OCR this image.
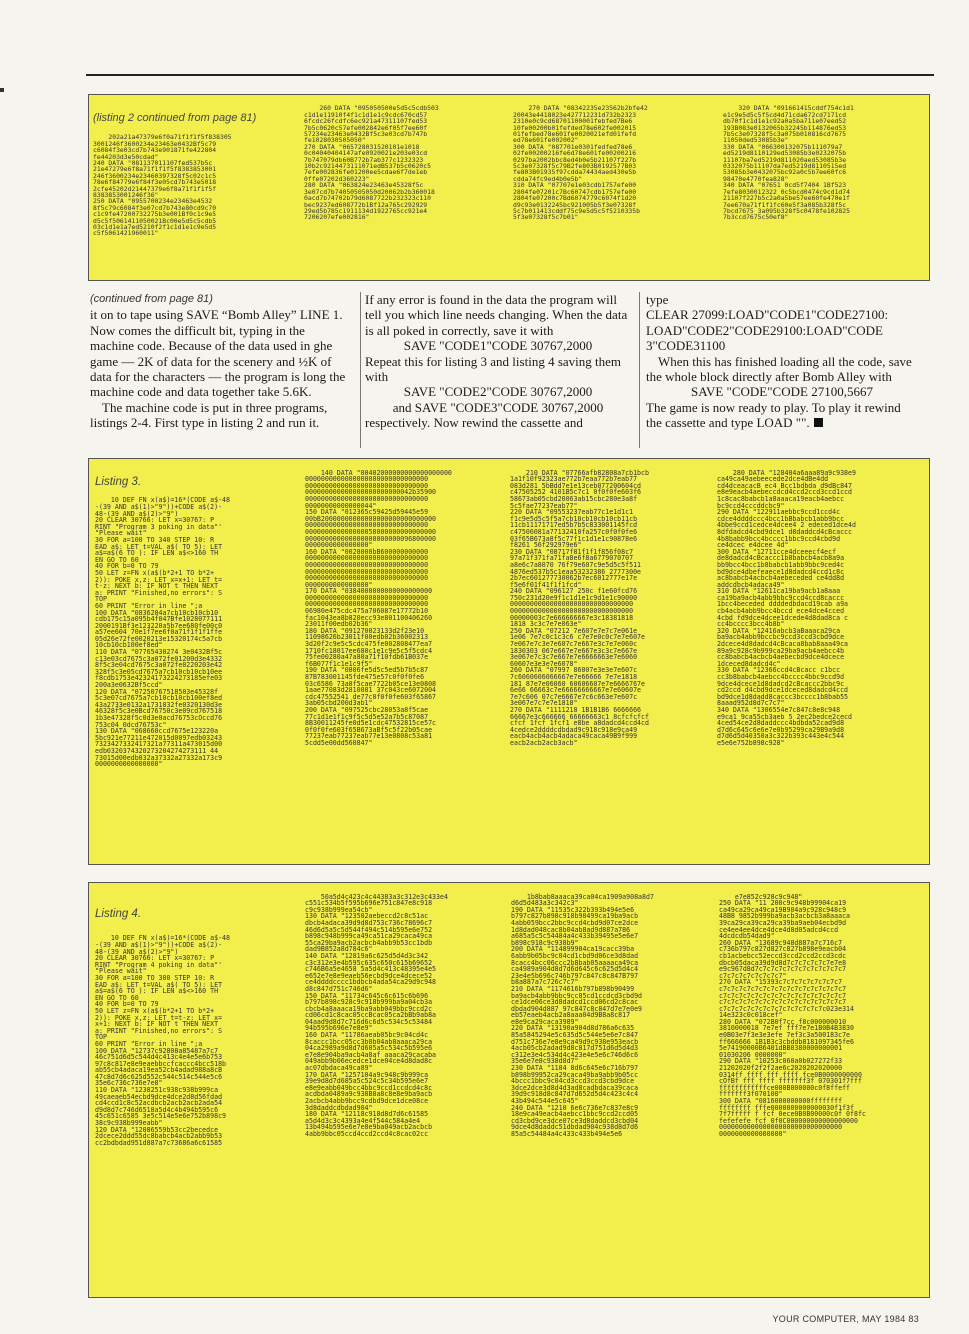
(listing 2 continued from page 81)

202a21a47379e6f0a71f1f1f5f838305
3001246f3600234e23463e0432Bf5c79
c6084f3e03cd7b743e901871fe422804
fe44203d3e50cdad"
240 DATA "081137011107fed537b5c
21e47279e6f8a71f1f1f5f8383853001
246f3600234e23460397328f5c02c1c5
78e6f84779e6f84f3e05cd7b743e5018
2cfe45202d21447379e6f8a71f1f1f5f
8383853001246f36"
250 DATA "0955700234e23463e4532
8f5c79c6084f3e07cd7b743e80cd9c70
c1c9fe47200732275b3e001Bf0c1c9e5
d5c5f5061411050021Bc00e5d5c5cdb5
03c1d1e1a7ed5210f2f1c1d1e1c9e5d5
c5f5061421960011"

260 DATA "095050500e5d5c5cdb503
c1d1e11910f4f1c1d1e1c9cdc670cd57
6fcdc26fcdfc6ec921a47311107fed53
7b5c0620c57efe002842e6f05f7ee60f
57234e23463e0432Bf5c3e03cd7b747b
fe1028030505050"
270 DATA "065728031520101e1018
0c04040404147afe0920021e203e03cd
7b747079db60B772b7ab377c1232323
10b2c9214473111071edB537b5c0620c5
7efe002836fe01200ee5cdae6f7de1eb
0ffe07202d360223"
280 DATA "063824e23463e45328f5c
3e07cd7b74050505050d20062b2b360018
0acd7b74702b79d6087722b232323c110
bec9237ed608772b1Bf12a765c292929
29ed5b785c1911134d1922765cc921e4
7206207efe002816"

270 DATA "08342235e23562b2bfe42
20043e4418023e427712231d732b2323
2310e0c9cd68701100001febfed7Be6
10fe00200b01fefded78e602fe002015
01fefbed78e601fe0020021efd01fefd
ed78e601fe002002"
300 DATA "087701e0301fedfed78e6
02fe00200216fe6d78e601fe00200216
0297ba2002bbc8ed4b0e5b21107f227b
5c3e07328f5c79B2fe803B0192577B03
fe803B01935f97cdda74434aed430e5b
cdda74fc9ed4b0e5b"
310 DATA "07707e1e03cdb1757efe00
2804fe07201c7Bc60747cdb1757efe00
2804fe07200c7Bd6074779c6074f1d20
d9c93e0132245bc921005b5f3e07328f
5c7b011413cddf75c9e5d5c5f5210335b
5f3e07328f5c7b01"

320 DATA "091661415cddf754c1d1
e1c9e5d5c5f5cd4d71cda672cd7171cd
db70f1c1d1e1c92a0a5ba711e07eed52
193B083e0132065b32245b114876ed53
7b5c3e07328f5c3a075b010816cd7675
11050ded53085b3e"
330 DATA "066300132075b111079a7
ed5219d8110129ed53085b3e0232075b
11107ba7ed5219d811020aed53085b3e
0332075b11107da7ed5219d8110515ed
53085b3e0432075bc92a0c5b7ee60fc6
98470e4770fea828"
340 DATA "07651 0cd5f7404 1Bf523
7efe8030012322 0c5bcd0474c9cd1d74
21107f227b5c2a0a5be57ee60fe470e1f
7ee670a71f1f1fc60e5f3a085b328f5c
7bcd7675 3a095b328f5c0478fe102825
7b3ccd7675c50ef8"

(continued from page 81)

it on to tape using SAVE “Bomb Alley” LINE 1. Now comes the difficult bit, typing in the machine code. Because of the data used in ghe game — 2K of data for the scenery and ½K of data for the characters — the program is long the machine code and data together take 5.6K.

The machine code is put in three programs, listings 2-4. First type in listing 2 and run it.

If any error is found in the data the program will tell you which line needs changing. When the data is all poked in correctly, save it with

SAVE "CODE1"CODE 30767,2000

Repeat this for listing 3 and listing 4 saving them with

SAVE "CODE2"CODE 30767,2000

and SAVE "CODE3"CODE 30767,2000

respectively. Now rewind the cassette and

type

CLEAR 27099:LOAD"CODE1"CODE27100: LOAD"CODE2"CODE29100:LOAD"CODE 3"CODE31100

When this has finished loading all the code, save the whole block directly after Bomb Alley with

SAVE "CODE"CODE 27100,5667

The game is now ready to play. To play it rewind the cassette and type LOAD "".

Listing 3.

10 DEF FN x(a$)=16*(CODE a$-48
-(39 AND a$(1)>"9"))+CODE a$(2)-
48-(39 AND a$(2)>"9")
20 CLEAR 30766: LET x=30767: P
RINT "Program 3 poking in data"'
"Please wait"
30 FOR a=100 TO 340 STEP 10: R
EAD a$: LET t=VAL a$( TO 5): LET
a$=a$(6 TO ): IF LEN a$<>160 TH
EN GO TO 60
40 FOR b=0 TO 79
50 LET z=FN x(a$(b*2+1 TO b*2+
2)): POKE x,z: LET x=x+1: LET t=
t-z: NEXT b: IF NOT t THEN NEXT
a: PRINT "Finished,no errors": S
TOP
60 PRINT "Error in line ";a
100 DATA "0836204a7cb10cb10cb10
cdb175c15a095b4f047Bfe1028077111
2000191Bf3e123220a5b7ee680fe00c0
a57ee604 70e1f7ee6f0a71f1f1f1ffe
05d26e72fe0020213e15320174c5a7cb
10cb10cb100ef8ed"
110 DATA "07765430274 3e0432Bf5c
c13e03cd7675c3a072fe01200d3e4332
8f5c3e04cd7675c3a072fe0220203e42
328f5c3e05cd7675a7cb10cb10cb10ee
f8cdb1753e42324173224273185efe03
200a3e0632Bf5ccd"
120 DATA "07250767518503e45328f
5c3e07cd7675a7cb10cb10cb100ef8ed
43a2733e0132a1731832fe0320130d3e
46328f5c3e0Bcd76750c3e09cd767518
1b3e47328f5c0d3e0acd76753cOccd76
753c04 0dcd76753c"
130 DATA "068660ccd7675e123220a
5bc921e77211e472015d0097edb03243
7323427332417321a77311a473015d00
edb0320374320273204274273111 44
73015d00edb032a37332a27332a173c9
0000000000000000"

140 DATA "00402000000000000000000
0000000000000000000000000000000
0000000000000000000000000000000
000000000000000000000000042b35900
0000000000000000000000000000000
00000000000000044"
150 DATA "012365c59425d59445e59
00bB20000000000000000000000000000
0000000000000000000000000000000
000000000000000058000000000000000
000000000000000000000000096800000
0000000000000000"
160 DATA "0028000bB600000000000
0000000000000000000000000000000
0000000000000000000000000000000
0000000000000000000000000000000
0000000000000000000000000000000
0000000000000000"
170 DATA "0384000000000000000000
0000000000000000000000000000000
0000000000000000000000000000000
06980e475cdc475a706087e17772b10
fac1043ea8b820ecc93e801100406260
23011f00edb02b36"
180 DATA "091270023133d2f23e10
11098626b23011f00edb02b36002313
3d20f2c9e5c5cdc475fe002808477ea7
1710fc18017ee680c1e1c9e5c5f5cdc4
75fe00280a47a80a71f10fdb61B037e
f6B077f1c1e1c9f5"
190 DATA "0806fe5d5c5ed5b7b5c87
87B783001145fde475e57c0f0f0fe6
03c6586 73a8f5cae7722b05ce13e0808
1aae77083d2810081 37c043ce6072004
cdc47552541 de77c0f0f0fe603f65867
3ab05cbd200d3ab1"
200 DATA "097525cbc28053a8f5cae
77c1d1e1f1c9f5c5d5e52a7b5c87087
8B30011245fe0d5e1cdc47532815ce57c
0f0f0fe603f65B673aBf5c5f22b05cae
77237eab77237eab77e13e0808c53a81
5cdd5e00dd560847"

210 DATA "07766afb82808a7cb1bcb
1a1f10f92323ae772b7eaa772b7eab77
083d281 5bBdd7e1e13ceb077200604cd
c47505252 4101B5c7c1 0f0f0fe603f6
58673ab05cbd20063ab15cbc280e3a8f
5c5fae77237eab77"
220 DATA "09553237eab77c1e1d1c1
f1c9e5d5c5f5a7cb10cb10cb10cb11cb
11cb11171717ed5b7b5c833001145fcd
c47506081a77132410fa257c0f0f0fe6
03f65B673a8f5c77f1c1d1e1c90878e6
f8261 56f292979e6"
230 DATA "08717f81f1f1f856f08c7
97a71f371fa71fa8e6f8a6779070707
a8e6c7a8070 76f79e607c9e5d5c5f511
4876ed537b5c1eaa53232386 2777300e
2b7ec601277730062b7ec6012777e17e
f5e6f01f41f1f1fcd"
240 DATA "096127 250c f1e60fcd76
750c231d20e9f1c1d1e1c9d1e1c90000
0000000000000000000000000000000
0000000000000000000000000000000
00000003c7e666666667e3c18381818
1818 3c3c7e7e063e"
250 DATA "07212 7e607e7e7c7e061e
1e06 7e7c0c1c3c6 c7e7e0c0c7e7e607e
7e067e7c3e7e607c7e667e3c7e7e060c
1830303 067e667e7e667e3c3c7e667e
3e067e7c3c7e667e7e6666663e7e6060
60607e3e3e7e6078"
260 DATA "07997 86007e3e3e7e607c
7c6060606066667e7e66666 7e7e1818
181 87e7e06060 60606607e7e6666767e
6e66 66663c7e66666666667e7e60607e
7e7c606 07c7e6667e7c6c663e7e607c
3e067e7c7e7e1818"
270 DATA "1111218 1B1B1B6 6666666
66667e3c666666 66666663c1 8cfcfcfcf
cfcf 1fcf 1fcf1 e8be a8dadcd4ccd4cd
4cedce2ddddcdbdad9c918c918e9ca49
eacb4acb4acb4adaca49caca49B9f999
eacb2acb2acb3acb"

280 DATA "128404a6aaa89a9c938e9
ca49ca49aebeecede2dce4dBe4dd
cd4dceacacB ec4 Bcc1bdbda d9dBc847
e8e9eacb4aebeccdcd4ccd2ccd3ccd1ccd
1c8cac8babcb1a8aaaca19eacb4aebcc
bc9ccd4cccddcbc9"
290 DATA "122911aebbc9ccd1ccd4c
cdce4ddddccc4bcc1bBbabcb1abb9bcc
4bbe9ccd1cedce4dcee4 2 edeced1dce4d
8dfdadcd4cbd9dce1 d8daddcd4cBcaccc
4b8babb9bcc4bcccc1bbc9ccd4cbd9d
ce4dcec e4dcee 4d"
300 DATA "12711cce4dceeecf4ecf
de8dadcd4cBcaccc1b8babcb4acb8a9a
bb9bcc4bcc1b8babcb1abb9bbc9ced4c
bd9dce4dbefeaece1d8dadcd4ccd1c8c
ac8babcb4acbcb4aebeceded ce4dd8d
addcdbcb4adaca49"
310 DATA "12611ca19ba9acb1a8aaa
ca19ba9acb4abb9bbc9ccd4ccd8caccc
1bcc4beceded ddddedbdacd19cab a9a
cb4acb4abb9bcc4bccd ece4dce4cced
4cbd fd9dce4dcee1dcede4d8dad8ca c
cc4bcccc3bcc4b8b"
320 DATA "12416abcb3aBaaaca29ca
ba9acb4abb9bccbc9ccd3ccd3cbd9dce
2dcece4d8dadcd4cBcaca8bab8aaa49ca
89a9c928c9b999ca29ba9acb4aebcc4b
cc8babcb4acbcb4aebecbd9dce4dcece
1dceced8dadcd4c"
330 DATA "12366ccd4cBcacc c1bcc
cc3b8babcb4aebcc4bcccc4bbc9ccd9d
9dce4dcece1d8dadcd2cBcaccc2bbc9c
cd2ccd d4cbd9dce1dceced8dadcd4ccd
bd9dce1d8dadd8caccc3bcccc1b8bab55
8aaad952d8d7c7c7"
340 DATA "1306554e7c847c8e8c948
e9ca1 9ca55cb3aeb 5 2ec2bedce2cecd
4ced54ce2d8daddccc4bdbda52cad9d8
d7d6c645c6e6e7e0b95299ca29B9a9d8
d7d6d5d40350a3c322b393c443e4c544
e5e6e752b898c928"

Listing 4.

10 DEF FN x(a$)=16*(CODE a$-48
-(39 AND a$(1)>"9"))+CODE a$(2)-
48-(39 AND a$(2)>"9")
20 CLEAR 30766: LET x=30767: P
RINT "Program 4 poking in data"'
"Please wait"
30 FOR a=100 TO 300 STEP 10: R
EAD a$: LET t=VAL a$( TO 5): LET
a$=a$(6 TO ): IF LEN a$<>160 TH
EN GO TO 60
40 FOR b=0 TO 79
50 LET z=FN x(a$(b*2+1 TO b*2+
2)): POKE x,z: LET t=t-z: LET x=
x+1: NEXT b: IF NOT t THEN NEXT
a: PRINT "Finished,no errors": S
TOP
60 PRINT "Error in line ";a
100 DATA "12737c92808a85487a7c7
46c751d6d5c544d4c413c4e4e5e6b753
97c8c817e8e9eaebbccfcaccc4bcc518b
ab55cb4adaca19ea52cb4adad988a8cB
47c8d7d6c625d552c544c514c544e5c6
35e6c736c736e7e8"
110 DATA "1238251c938c938b999ca
49caeaeb54ecbd9dce4dce2d8d56fdad
cd4ccd1c8c52acdbcb2acb2acb2ada54
d9d8d7c746d6518a5d4c4b494b595c6
45c651c6585 3e5c514e5e6e752b898c9
38c9c938b999eabb"
120 DATA "12086559b53cc2becedce
2dcece2ddd55dc8babcb4acb2abb9b53
cc2bdbdad951d887a7c73686a6c61585

50a5d4c423c4c44383a3c312e3c433e4
c551c534b5f595b696e751c847e8c918
c9c938b999ea54cb"
130 DATA "123502aebeccd2c8c51ac
dbcb4adaca39d9d8d753c736c78696c7
46d6d5a5c5d544f494c514b595e6e752
b898c948b999ca49ca51ca29caca49ca
55ca29ba9acb2acbcb4abb9b53cc1bdb
dad9B852a8d784c6"
140 DATA "12819a6c625d5d4d3c342
c3c312e3e4b595c635c650c615b69652
c746B6a5e4658 5a5d4c413c48395e4e5
e652e7e8e9eaeb56ecbd9dce4dcece52
ce4ddddcccc1bdbcb4ada54ca29d9c948
d8c847d751c746d6"
150 DATA "11734c645c6c615c6b696
b797b898c928c9c918b999ba9a04cb3a
cbcb4a8aaaca19ba9abb049bbc9ccd2c
cd06cd1c8cac05ccBcac05ca2bBb9ab8a
04aad9d8d7c716d6c6d5c534c5c53484
94b595b696e7e8e9"
160 DATA "11786aeab05bc9c04cd4c
8caccc1bcc05cc3b8b04ab8aaaca29ca
04ca2989a9d8d7d605a5c534c5b595e6
e7e8e904ba9acb4a8af aaaca29cacaba
049abb9b06ecedce1dce04ce4d8dad8c
ac07dbdaca49ca89"
170 DATA "1257104a9c948c9b999ca
39e9d8d7d685a5c524c5c34b595e6e7
e8e9eabb049bcc4bbc9ccd1ccdcd4c8c
acdbda0489a9c938B8a8c8e8e9ba9acb
2acbcb4abb9bcc9cdbd9dce1dce08ce
3d8daddcdbdad904"
180 DATA "12118c918d8d7d6c61585
a5d4d3c3c4393a4e4f544c584a4e4
13b494b595e6e7e8e9ba049acb2acbcb
4abb9bbc05ccd4ccd2ccd4c8cac02cc

1b8bab8aaaca39ca04ca1909a908a8d7
d6d5d483a3c342c3"
190 DATA "11535c322b393b494e5e6
b797c827b898c918b90499ca19ba9acb
4abb059bcc2bbc9ccd4cbd9d07ce2dce
1d8dad048cac8b04ab8ad9d887a786
a685a5c5c54484a4c433b39495e5e6e7
b898c918c9c938b9"
200 DATA "114899904ca19cacc39ba
6abb9b05bc9c04cd1cbd9d06ce3d8dad
8cacc4bcc06ccc2b8bab05aaaaca49ca
ca4989a904d8d7d6d645c6c625d5d4c4
23e4e5b696c746b797c847c8c847B797
b8a887a7c726c7c7"
210 DATA "1174616b797b898b90499
ba9acb4abb9bbc9cc05cd1ccdcd3cbd9d
ce1dce06ce3d8dadcd1ccd06cd2c8cac
dbdad904d887 97c847c8c847d7e7e0e9
eb57eaeb4acb2a8aaa04d9B8a8c817
e8e9ca29caca3989"
220 DATA "13190a904d8d786a6c635
85a5845294e5c635d5c544e5e6e7c847
d751c736e7e8e9ca49d9c938e953eacb
4acb05cb2adad9d8c817d751d6d5d4d3
c312e3e4c534d4c423e4e5e6c746d6c6
35e6e7e8c938d8d7"
230 DATA "1184 8d6c645e6c716b797
b898b99952ca29caca49ba9abb9b05cc
4bccc1bbc9c04cd3ccd3ccd3cbd9dce
3dce2dce3d8d4d3ad8cadbdaca39caca
39d9c918d8c847d7d652d5d4c423c4c4
43b494c544e5c645"
240 DATA "1210 6e6c736e7c837e8c9
18e9ca49eacb4aebcc1bbc9ccd2ccd05
cd3cbd9ce3dce07ce3d8daddcd3cbd04
9dce4d8daddc51dbdad904c938d8d7d6
85a5c54484a4c433c433b494e5e6

e7e852c928c9c948"
250 DATA "11 200c9c948b99904ca19
ca49ca29ca49ca19B904a9c928c948c9
48B8 9852b999ba9acb3acbcb3a8aaaca
39ca29ca39ca29ca39ba9aeb04ecbd9d
ce4ee4ee4dce4dce4d8d05adcd4ccd
4dcdcdb54dad9"
260 DATA "13689c948d887a7c716c7
c736b797c827d827c827b898e9eacb04
cb1acbebcc52eccd3ccd2ccd2ccd3cdc
dbcb05daca39d9d8d7c7c7c7c7c7e7e8
e9c967d8d7c7c7c7c7c7c7c7c7c7c7c7
c7c7c7c7c7c7c7c7"
270 DATA "15393c7c7c7c7c7c7c7c7
c7c7c7c7c7c7c7c7c7c7c7c7c7c7c7c7
c7c7c7c7c7c7c7c7c7c7c7c7c7c7c7c7
c7c7c7c7c7c7c7c7c7c7c7c7c7c7c7c7
c7c7c7c7c7c7c7c7c7c7c7c7c7c023e314
14e323c0c018cef"
280 DATA "072B0f7cc f8c000000010
3810000018 7e7ef fff7e7e1B0B4B3830
e0B03e7f3e3e3efe 7ef3c3a500183c7e
ff666666 1B1B3c3cbddb8181097345fe6
5e74190000B6401dBB0380000000001
01030206 0000000"
290 DATA "10253c060a0b027272f33
21202020f2f2f2ae6c2020202020000
0314ff ffff fff ffff fce0B0000000000
cOfBf fff ffff fffffff3f 070301f7fff
ffffffffffffce000B000000c0f8ffeff
fffffff3f070100"
300 DATA "0816000000000ffffffff
ffffffff fffe0000000000000030f1f3f
7f7fffff f fcf 0ece0B0B00000c0f 0f8fc
fefefefe fcf 0f0C000000000000000000
0000000000000000000000000000000
0000000000000000"

YOUR COMPUTER, MAY 1984 83
